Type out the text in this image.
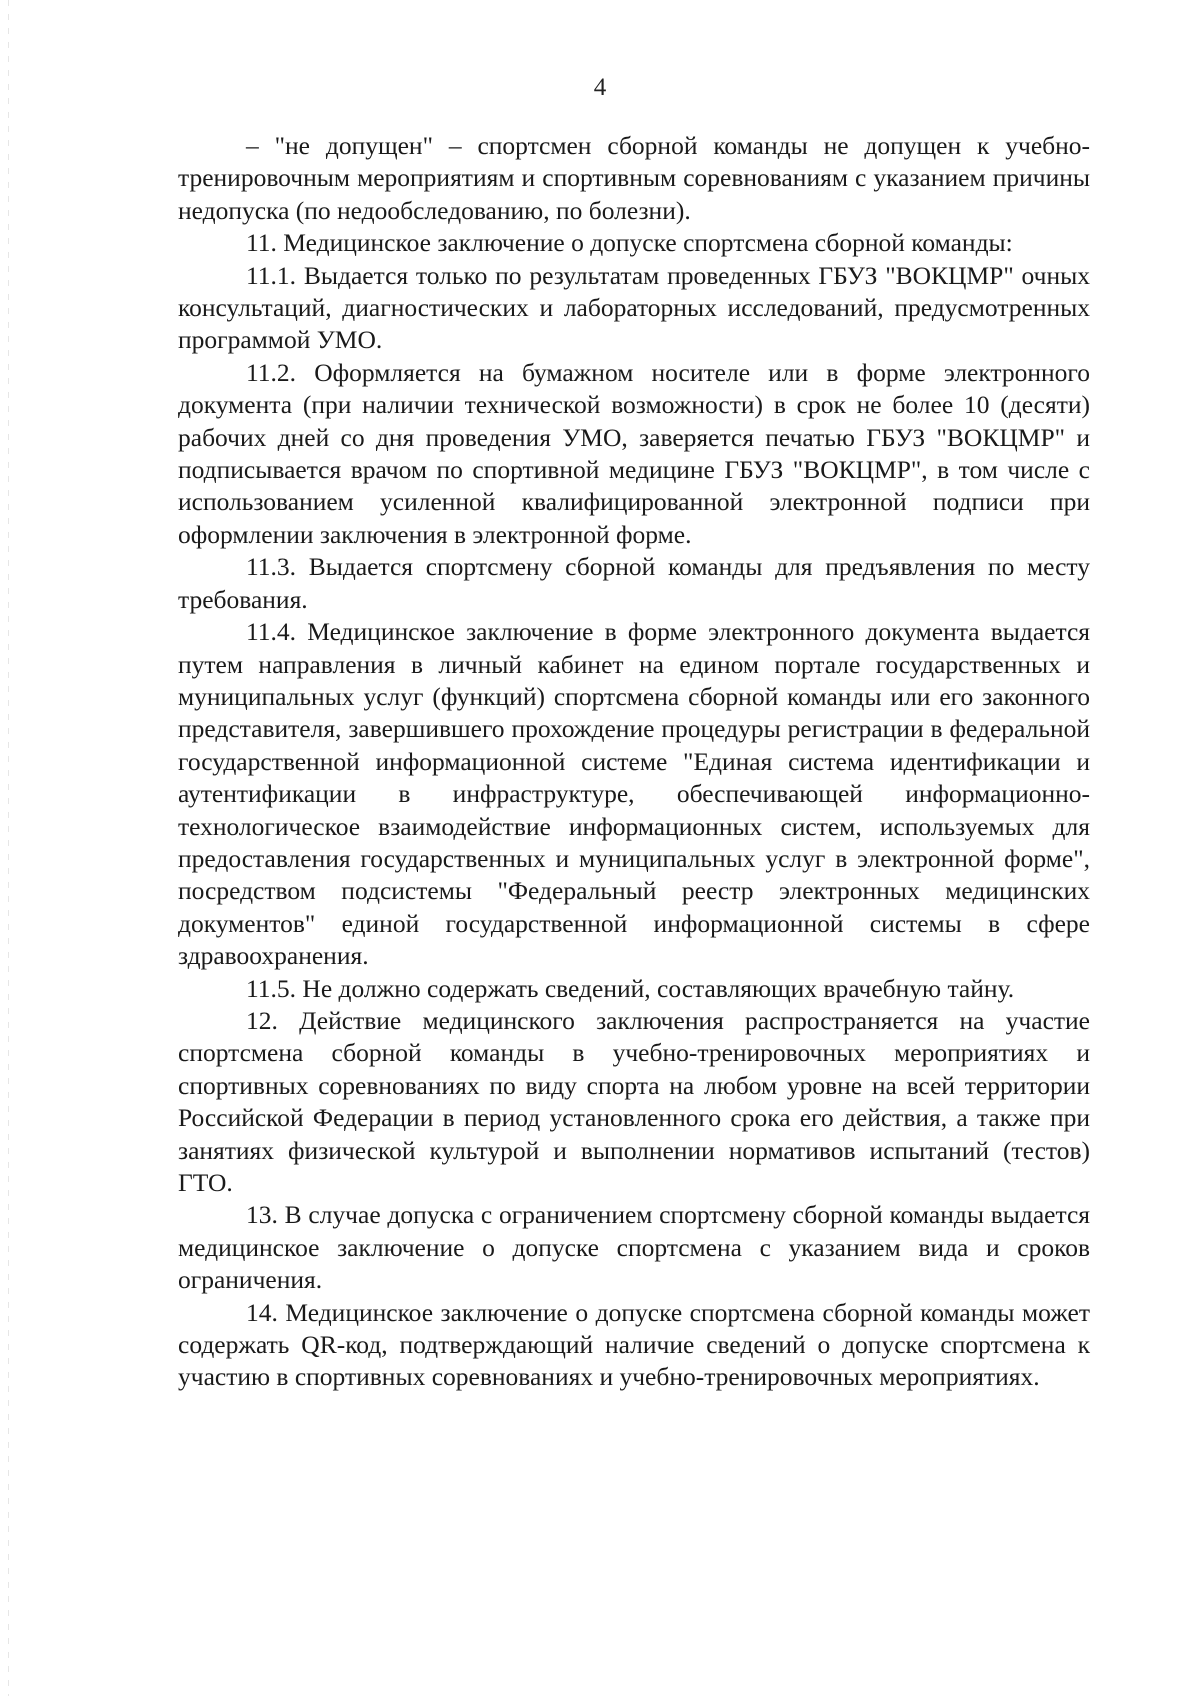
4

– "не допущен" – спортсмен сборной команды не допущен к учебно-тренировочным мероприятиям и спортивным соревнованиям с указанием причины недопуска (по недообследованию, по болезни).

11. Медицинское заключение о допуске спортсмена сборной команды:

11.1. Выдается только по результатам проведенных ГБУЗ "ВОКЦМР" очных консультаций, диагностических и лабораторных исследований, предусмотренных программой УМО.

11.2. Оформляется на бумажном носителе или в форме электронного документа (при наличии технической возможности) в срок не более 10 (десяти) рабочих дней со дня проведения УМО, заверяется печатью ГБУЗ "ВОКЦМР" и подписывается врачом по спортивной медицине ГБУЗ "ВОКЦМР", в том числе с использованием усиленной квалифицированной электронной подписи при оформлении заключения в электронной форме.

11.3. Выдается спортсмену сборной команды для предъявления по месту требования.

11.4. Медицинское заключение в форме электронного документа выдается путем направления в личный кабинет на едином портале государственных и муниципальных услуг (функций) спортсмена сборной команды или его законного представителя, завершившего прохождение процедуры регистрации в федеральной государственной информационной системе "Единая система идентификации и аутентификации в инфраструктуре, обеспечивающей информационно-технологическое взаимодействие информационных систем, используемых для предоставления государственных и муниципальных услуг в электронной форме", посредством подсистемы "Федеральный реестр электронных медицинских документов" единой государственной информационной системы в сфере здравоохранения.

11.5. Не должно содержать сведений, составляющих врачебную тайну.

12. Действие медицинского заключения распространяется на участие спортсмена сборной команды в учебно-тренировочных мероприятиях и спортивных соревнованиях по виду спорта на любом уровне на всей территории Российской Федерации в период установленного срока его действия, а также при занятиях физической культурой и выполнении нормативов испытаний (тестов) ГТО.

13. В случае допуска с ограничением спортсмену сборной команды выдается медицинское заключение о допуске спортсмена с указанием вида и сроков ограничения.

14. Медицинское заключение о допуске спортсмена сборной команды может содержать QR-код, подтверждающий наличие сведений о допуске спортсмена к участию в спортивных соревнованиях и учебно-тренировочных мероприятиях.
